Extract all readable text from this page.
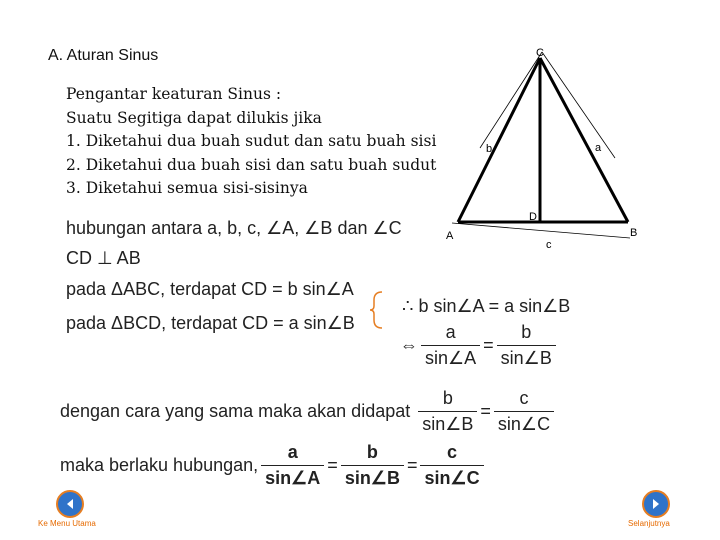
A. Aturan Sinus
Pengantar keaturan Sinus :
Suatu Segitiga dapat dilukis jika
1. Diketahui dua buah sudut dan satu buah sisi
2. Diketahui dua buah sisi dan satu buah sudut
3. Diketahui semua sisi-sisinya
C
A	B
D
b	a
c
hubungan antara a, b, c, ∠A, ∠B dan ∠C
CD ⊥ AB
pada ΔABC, terdapat CD = b sin∠A
pada ΔBCD, terdapat CD = a sin∠B
∴ b sin∠A = a sin∠B
⇔ $\frac{a}{\sin\angle A} = \frac{b}{\sin\angle B}$
dengan cara yang sama maka akan didapat $\frac{b}{\sin\angle B} = \frac{c}{\sin\angle C}$
maka berlaku hubungan, $\frac{a}{\sin\angle A} = \frac{b}{\sin\angle B} = \frac{c}{\sin\angle C}$
Ke Menu Utama	Selanjutnya
